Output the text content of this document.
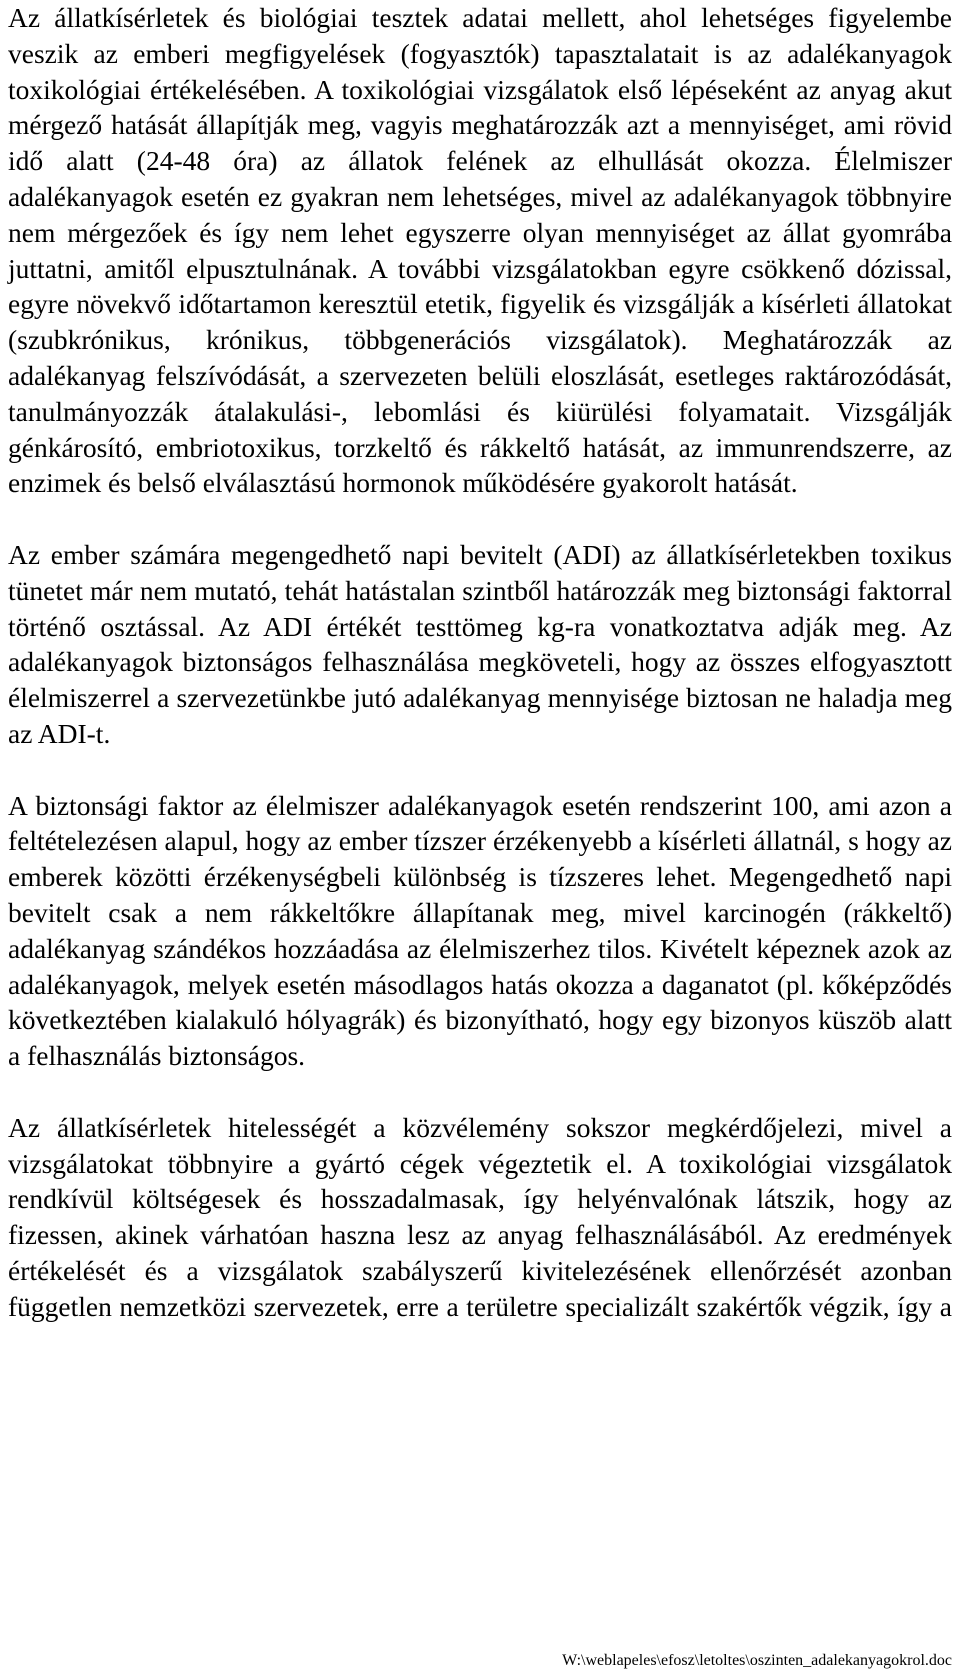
Az állatkísérletek és biológiai tesztek adatai mellett, ahol lehetséges figyelembe veszik az emberi megfigyelések (fogyasztók) tapasztalatait is az adalékanyagok toxikológiai értékelésében. A toxikológiai vizsgálatok első lépéseként az anyag akut mérgező hatását állapítják meg, vagyis meghatározzák azt a mennyiséget, ami rövid idő alatt (24-48 óra) az állatok felének az elhullását okozza. Élelmiszer adalékanyagok esetén ez gyakran nem lehetséges, mivel az adalékanyagok többnyire nem mérgezőek és így nem lehet egyszerre olyan mennyiséget az állat gyomrába juttatni, amitől elpusztulnának. A további vizsgálatokban egyre csökkenő dózissal, egyre növekvő időtartamon keresztül etetik, figyelik és vizsgálják a kísérleti állatokat (szubkrónikus, krónikus, többgenerációs vizsgálatok). Meghatározzák az adalékanyag felszívódását, a szervezeten belüli eloszlását, esetleges raktározódását, tanulmányozzák átalakulási-, lebomlási és kiürülési folyamatait. Vizsgálják génkárosító, embriotoxikus, torzkeltő és rákkeltő hatását, az immunrendszerre, az enzimek és belső elválasztású hormonok működésére gyakorolt hatását.

Az ember számára megengedhető napi bevitelt (ADI) az állatkísérletekben toxikus tünetet már nem mutató, tehát hatástalan szintből határozzák meg biztonsági faktorral történő osztással. Az ADI értékét testtömeg kg-ra vonatkoztatva adják meg. Az adalékanyagok biztonságos felhasználása megköveteli, hogy az összes elfogyasztott élelmiszerrel a szervezetünkbe jutó adalékanyag mennyisége biztosan ne haladja meg az ADI-t.

A biztonsági faktor az élelmiszer adalékanyagok esetén rendszerint 100, ami azon a feltételezésen alapul, hogy az ember tízszer érzékenyebb a kísérleti állatnál, s hogy az emberek közötti érzékenységbeli különbség is tízszeres lehet. Megengedhető napi bevitelt csak a nem rákkeltőkre állapítanak meg, mivel karcinogén (rákkeltő) adalékanyag szándékos hozzáadása az élelmiszerhez tilos. Kivételt képeznek azok az adalékanyagok, melyek esetén másodlagos hatás okozza a daganatot (pl. kőképződés következtében kialakuló hólyagrák) és bizonyítható, hogy egy bizonyos küszöb alatt a felhasználás biztonságos.

Az állatkísérletek hitelességét a közvélemény sokszor megkérdőjelezi, mivel a vizsgálatokat többnyire a gyártó cégek végeztetik el. A toxikológiai vizsgálatok rendkívül költségesek és hosszadalmasak, így helyénvalónak látszik, hogy az fizessen, akinek várhatóan haszna lesz az anyag felhasználásából. Az eredmények értékelését és a vizsgálatok szabályszerű kivitelezésének ellenőrzését azonban független nemzetközi szervezetek, erre a területre specializált szakértők végzik, így a

W:\weblapeles\efosz\letoltes\oszinten_adalekanyagokrol.doc
